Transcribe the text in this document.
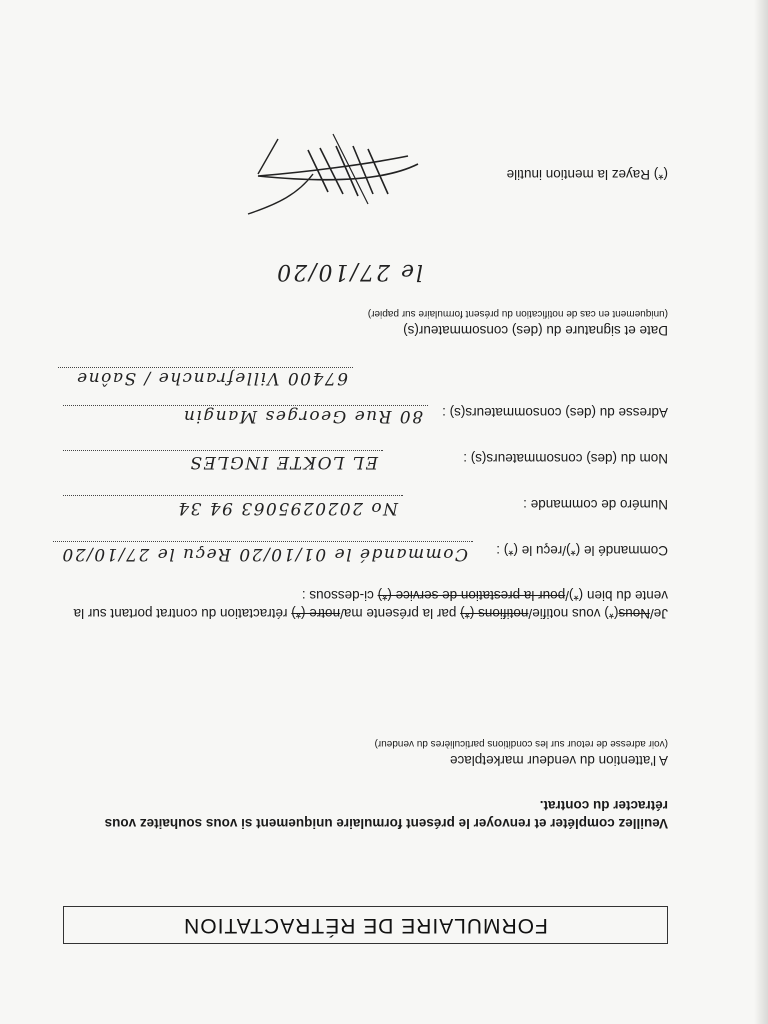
FORMULAIRE DE RÉTRACTATION
Veuillez compléter et renvoyer le présent formulaire uniquement si vous souhaitez vous rétracter du contrat.
A l'attention du vendeur marketplace
(voir adresse de retour sur les conditions particulières du vendeur)
Je/Nous(*) vous notifie/notifions (*) par la présente ma/notre (*) rétractation du contrat portant sur la vente du bien (*)/pour la prestation de service (*) ci-dessous :
Commandé le (*)/reçu le (*) :
Commandé le 01/10/20 Reçu le 27/10/20
Numéro de commande :
No 2020295063 94 34
Nom du (des) consommateurs(s) :
EL LOKTE INGLES
Adresse du (des) consommateurs(s) :
80 Rue Georges Mangin
67400 Villefranche / Saône
Date et signature du (des) consommateur(s)
(uniquement en cas de notification du présent formulaire sur papier)
le 27/10/20
(*) Rayez la mention inutile
